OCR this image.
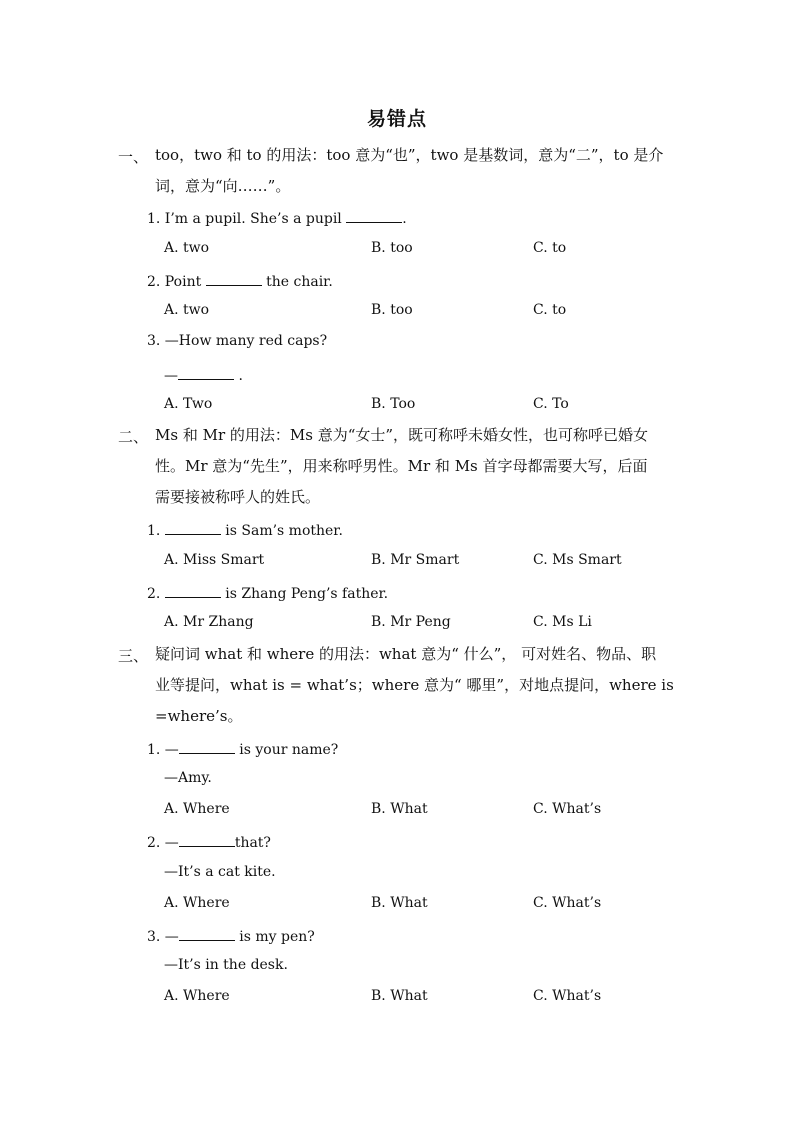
易错点
一、 too，two 和 to 的用法：too 意为“也”，two 是基数词，意为“二”，to 是介
词，意为“向……”。
1. I’m a pupil. She’s a pupil	.
A. two	B. too	C. to
2. Point	the chair.
A. two	B. too	C. to
3. —How many red caps?
—	.
A. Two	B. Too	C. To
二、 Ms 和 Mr 的用法：Ms 意为“女士”，既可称呼未婚女性，也可称呼已婚女
性。Mr 意为“先生”，用来称呼男性。Mr 和 Ms 首字母都需要大写，后面
需要接被称呼人的姓氏。
1.	is Sam’s mother.
A. Miss Smart	B. Mr Smart	C. Ms Smart
2.	is Zhang Peng’s father.
A. Mr Zhang	B. Mr Peng	C. Ms Li
三、 疑问词 what 和 where 的用法：what 意为“ 什么”， 可对姓名、物品、职
业等提问，what is = what’s；where 意为“ 哪里”，对地点提问，where is
=where’s。
1. —	is your name?
—Amy.
A. Where	B. What	C. What’s
2. —	that?
—It’s a cat kite.
A. Where	B. What	C. What’s
3. —	is my pen?
—It’s in the desk.
A. Where	B. What	C. What’s
